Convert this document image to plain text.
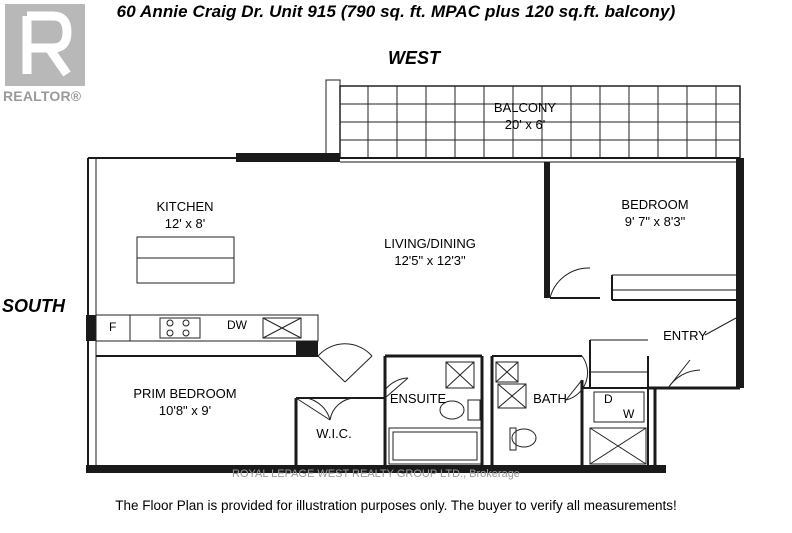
REALTOR®
60 Annie Craig Dr. Unit 915 (790 sq. ft. MPAC plus 120 sq.ft. balcony)
WEST
SOUTH
BALCONY
20' x 6'
KITCHEN
12' x 8'
LIVING/DINING
12'5" x 12'3"
BEDROOM
9' 7" x 8'3"
ENTRY
PRIM BEDROOM
10'8" x 9'
ENSUITE	BATH
W.I.C.
F	DW
D
W
ROYAL LEPAGE WEST REALTY GROUP LTD., Brokerage
The Floor Plan is provided for illustration purposes only. The buyer to verify all measurements!
